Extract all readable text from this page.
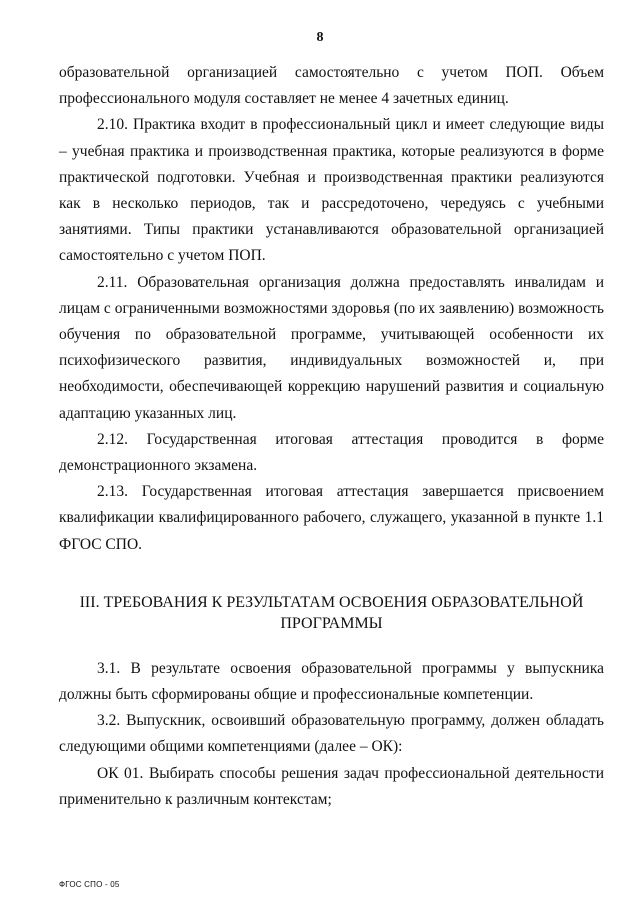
8

образовательной организацией самостоятельно с учетом ПОП. Объем профессионального модуля составляет не менее 4 зачетных единиц.

2.10. Практика входит в профессиональный цикл и имеет следующие виды – учебная практика и производственная практика, которые реализуются в форме практической подготовки. Учебная и производственная практики реализуются как в несколько периодов, так и рассредоточено, чередуясь с учебными занятиями. Типы практики устанавливаются образовательной организацией самостоятельно с учетом ПОП.

2.11. Образовательная организация должна предоставлять инвалидам и лицам с ограниченными возможностями здоровья (по их заявлению) возможность обучения по образовательной программе, учитывающей особенности их психофизического развития, индивидуальных возможностей и, при необходимости, обеспечивающей коррекцию нарушений развития и социальную адаптацию указанных лиц.

2.12. Государственная итоговая аттестация проводится в форме демонстрационного экзамена.

2.13. Государственная итоговая аттестация завершается присвоением квалификации квалифицированного рабочего, служащего, указанной в пункте 1.1 ФГОС СПО.

III. ТРЕБОВАНИЯ К РЕЗУЛЬТАТАМ ОСВОЕНИЯ ОБРАЗОВАТЕЛЬНОЙ ПРОГРАММЫ

3.1. В результате освоения образовательной программы у выпускника должны быть сформированы общие и профессиональные компетенции.

3.2. Выпускник, освоивший образовательную программу, должен обладать следующими общими компетенциями (далее – ОК):

ОК 01. Выбирать способы решения задач профессиональной деятельности применительно к различным контекстам;

ФГОС СПО - 05
